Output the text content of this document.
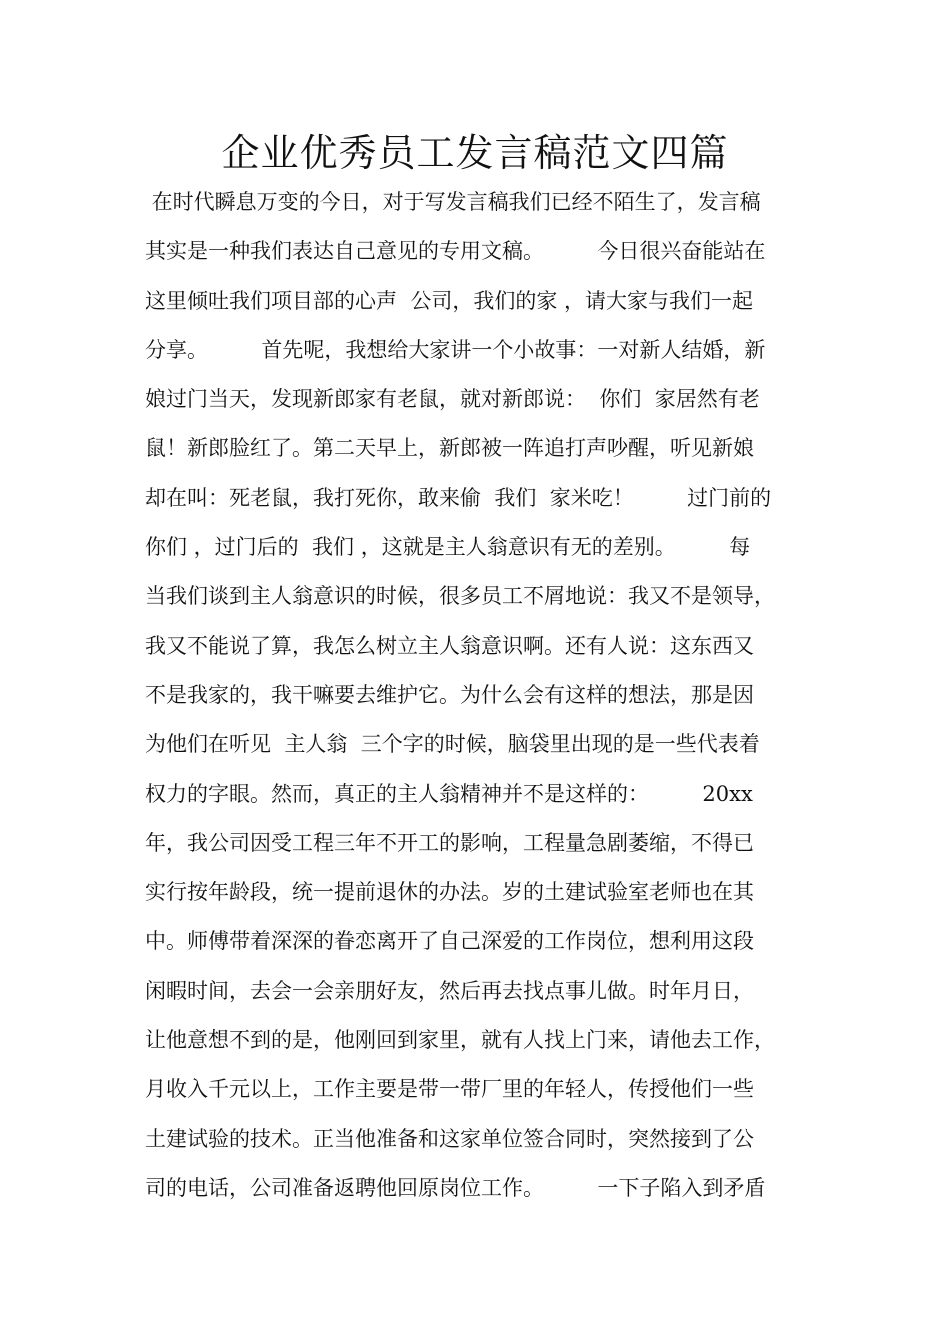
企业优秀员工发言稿范文四篇
在时代瞬息万变的今日，对于写发言稿我们已经不陌生了，发言稿
其实是一种我们表达自己意见的专用文稿。        今日很兴奋能站在
这里倾吐我们项目部的心声  公司，我们的家 ，请大家与我们一起
分享。        首先呢，我想给大家讲一个小故事：一对新人结婚，新
娘过门当天，发现新郎家有老鼠，就对新郎说：  你们  家居然有老
鼠！新郎脸红了。第二天早上，新郎被一阵追打声吵醒，听见新娘
却在叫：死老鼠，我打死你，敢来偷  我们  家米吃！        过门前的
你们 ，过门后的  我们 ，这就是主人翁意识有无的差别。        每
当我们谈到主人翁意识的时候，很多员工不屑地说：我又不是领导，
我又不能说了算，我怎么树立主人翁意识啊。还有人说：这东西又
不是我家的，我干嘛要去维护它。为什么会有这样的想法，那是因
为他们在听见  主人翁  三个字的时候，脑袋里出现的是一些代表着
权力的字眼。然而，真正的主人翁精神并不是这样的：        20xx
年，我公司因受工程三年不开工的影响，工程量急剧萎缩，不得已
实行按年龄段，统一提前退休的办法。岁的土建试验室老师也在其
中。师傅带着深深的眷恋离开了自己深爱的工作岗位，想利用这段
闲暇时间，去会一会亲朋好友，然后再去找点事儿做。时年月日，
让他意想不到的是，他刚回到家里，就有人找上门来，请他去工作，
月收入千元以上，工作主要是带一带厂里的年轻人，传授他们一些
土建试验的技术。正当他准备和这家单位签合同时，突然接到了公
司的电话，公司准备返聘他回原岗位工作。        一下子陷入到矛盾
